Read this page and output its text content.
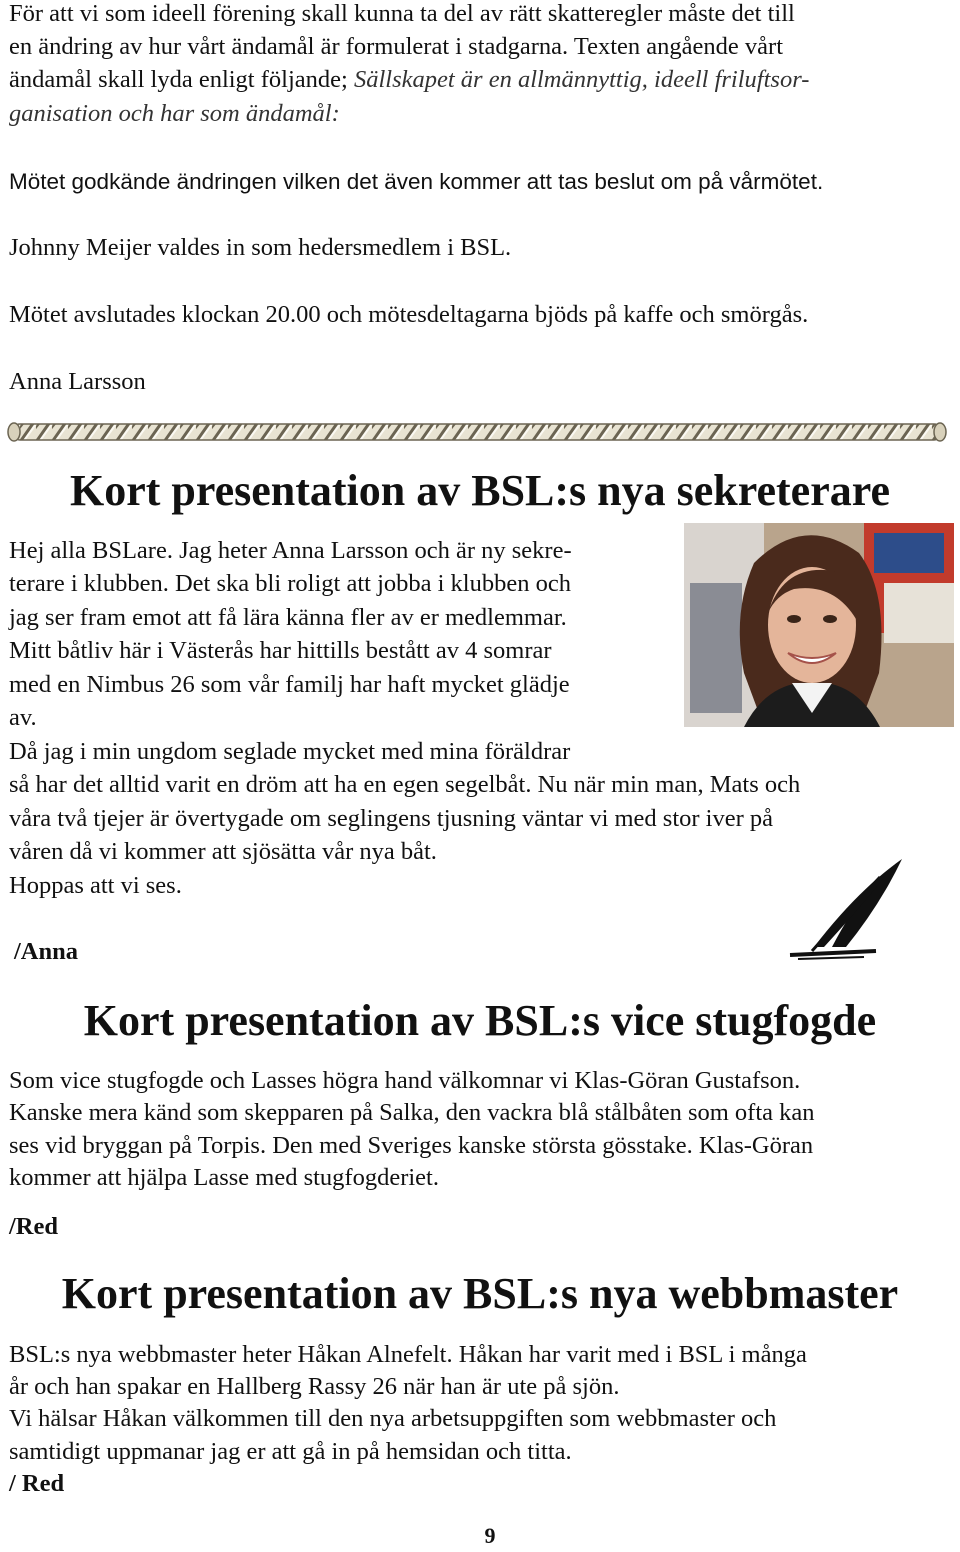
För att vi som ideell förening skall kunna ta del av rätt skatteregler måste det till

en ändring av hur vårt ändamål är formulerat i stadgarna. Texten angående vårt

ändamål skall lyda enligt följande; Sällskapet är en allmännyttig, ideell friluftsor-

ganisation och har som ändamål:

Mötet godkände ändringen vilken det även kommer att tas beslut om på vårmötet.

Johnny Meijer valdes in som hedersmedlem i BSL.

Mötet avslutades klockan 20.00 och mötesdeltagarna bjöds på kaffe och smörgås.

Anna Larsson

Kort presentation av BSL:s nya sekreterare

Hej alla BSLare. Jag heter Anna Larsson och är ny sekre-

terare i klubben. Det ska bli roligt att jobba i klubben och

jag ser fram emot att få lära känna fler av er medlemmar.

Mitt båtliv här i Västerås har hittills bestått av 4 somrar

med en Nimbus 26 som vår familj har haft mycket glädje

av.

Då jag i min ungdom seglade mycket med mina föräldrar

så har det alltid varit en dröm att ha en egen segelbåt. Nu när min man, Mats och

våra två tjejer är övertygade om seglingens tjusning väntar vi med stor iver på

våren då vi kommer att sjösätta vår nya båt.

Hoppas att vi ses.

/Anna

Kort presentation av BSL:s vice stugfogde

Som vice stugfogde och Lasses högra hand välkomnar vi Klas-Göran Gustafson.

Kanske mera känd som skepparen på Salka, den vackra blå stålbåten som ofta kan

ses vid bryggan på Torpis. Den med Sveriges kanske största gösstake. Klas-Göran

kommer att hjälpa Lasse med stugfogderiet.

/Red

Kort presentation av BSL:s nya webbmaster

BSL:s nya webbmaster heter Håkan Alnefelt. Håkan har varit med i BSL i många

år och han spakar en Hallberg Rassy 26 när han är ute på sjön.

Vi hälsar Håkan välkommen till den nya arbetsuppgiften som webbmaster och

samtidigt uppmanar jag er att gå in på hemsidan och titta.

/ Red

9
